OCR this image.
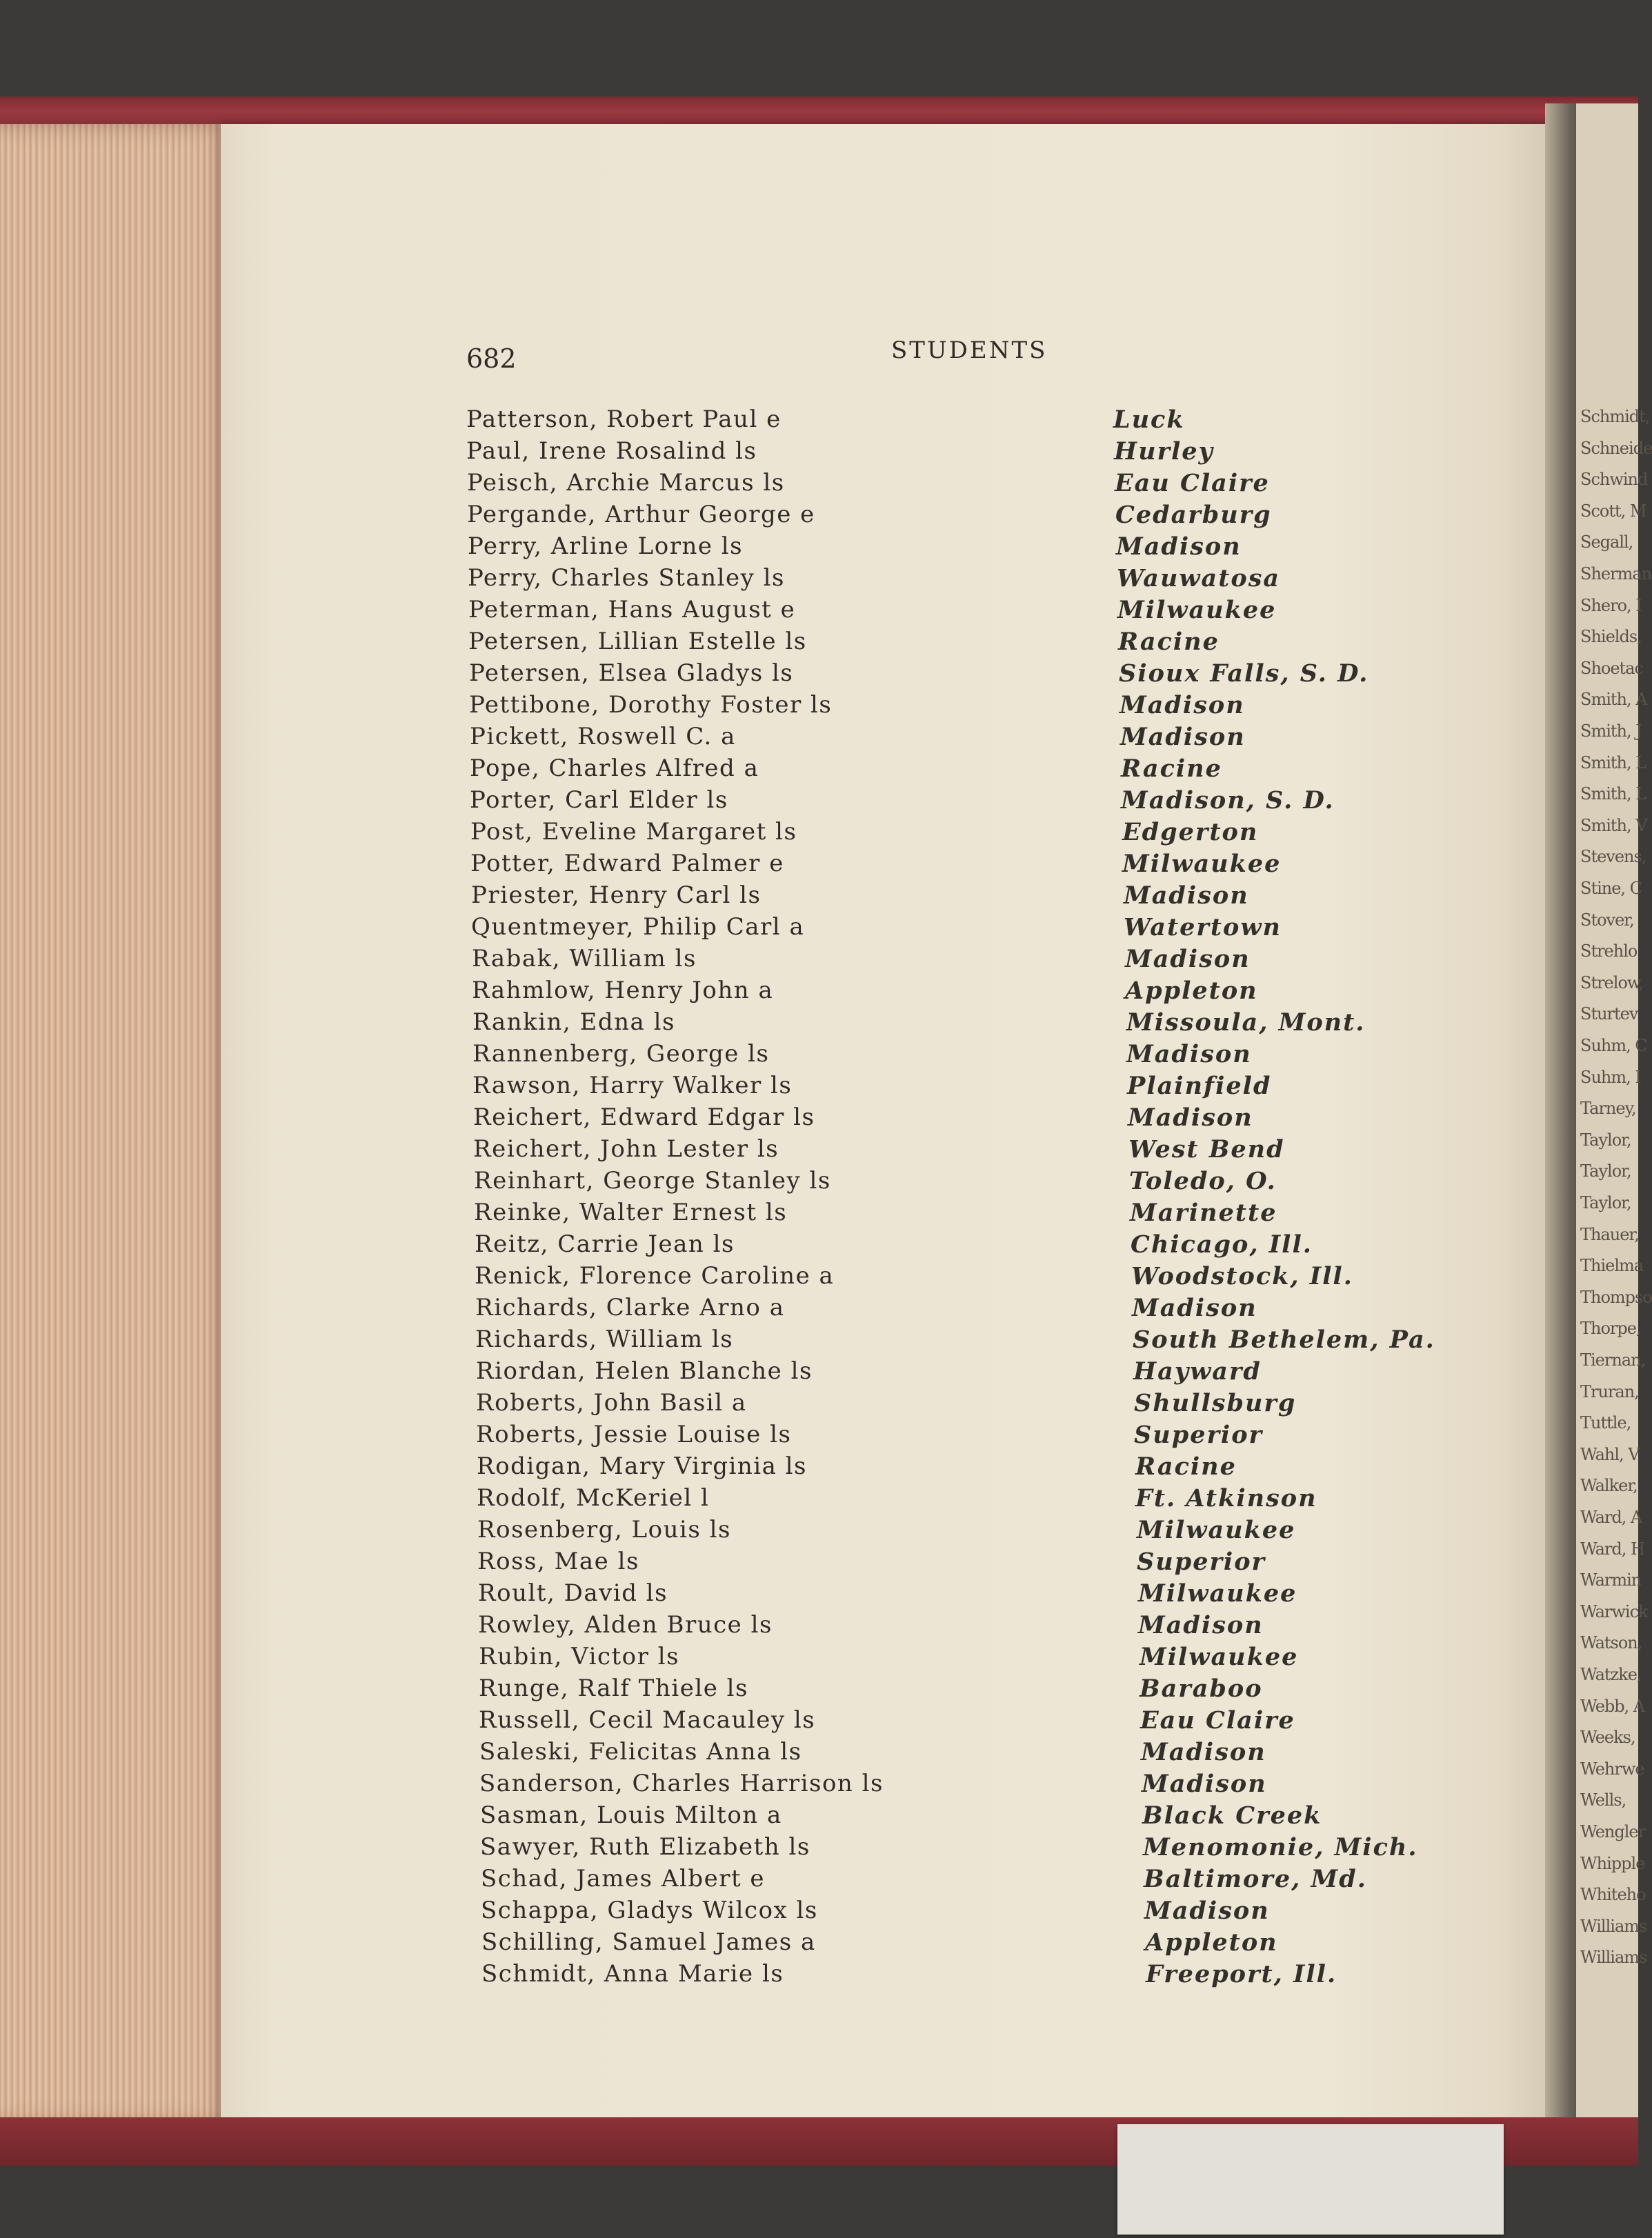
Schmidt,
Schneide
Schwind
Scott, M
Segall,
Sherman
Shero, I
Shields,
Shoetac
Smith, A
Smith, J
Smith, L
Smith, L
Smith, V
Stevens,
Stine, C
Stover,
Strehlo
Strelow,
Sturtev
Suhm, C
Suhm, I
Tarney,
Taylor,
Taylor,
Taylor,
Thauer,
Thielma
Thompso
Thorpe,
Tiernan,
Truran,
Tuttle,
Wahl, V
Walker,
Ward, A
Ward, H
Warmin
Warwick
Watson,
Watzke,
Webb, A
Weeks,
Wehrwe
Wells,
Wengler
Whipple
Whiteho
Williams
Williams
682	STUDENTS
Patterson, Robert Paul e	Luck
Paul, Irene Rosalind ls	Hurley
Peisch, Archie Marcus ls	Eau Claire
Pergande, Arthur George e	Cedarburg
Perry, Arline Lorne ls	Madison
Perry, Charles Stanley ls	Wauwatosa
Peterman, Hans August e	Milwaukee
Petersen, Lillian Estelle ls	Racine
Petersen, Elsea Gladys ls	Sioux Falls, S. D.
Pettibone, Dorothy Foster ls	Madison
Pickett, Roswell C. a	Madison
Pope, Charles Alfred a	Racine
Porter, Carl Elder ls	Madison, S. D.
Post, Eveline Margaret ls	Edgerton
Potter, Edward Palmer e	Milwaukee
Priester, Henry Carl ls	Madison
Quentmeyer, Philip Carl a	Watertown
Rabak, William ls	Madison
Rahmlow, Henry John a	Appleton
Rankin, Edna ls	Missoula, Mont.
Rannenberg, George ls	Madison
Rawson, Harry Walker ls	Plainfield
Reichert, Edward Edgar ls	Madison
Reichert, John Lester ls	West Bend
Reinhart, George Stanley ls	Toledo, O.
Reinke, Walter Ernest ls	Marinette
Reitz, Carrie Jean ls	Chicago, Ill.
Renick, Florence Caroline a	Woodstock, Ill.
Richards, Clarke Arno a	Madison
Richards, William ls	South Bethelem, Pa.
Riordan, Helen Blanche ls	Hayward
Roberts, John Basil a	Shullsburg
Roberts, Jessie Louise ls	Superior
Rodigan, Mary Virginia ls	Racine
Rodolf, McKeriel l	Ft. Atkinson
Rosenberg, Louis ls	Milwaukee
Ross, Mae ls	Superior
Roult, David ls	Milwaukee
Rowley, Alden Bruce ls	Madison
Rubin, Victor ls	Milwaukee
Runge, Ralf Thiele ls	Baraboo
Russell, Cecil Macauley ls	Eau Claire
Saleski, Felicitas Anna ls	Madison
Sanderson, Charles Harrison ls	Madison
Sasman, Louis Milton a	Black Creek
Sawyer, Ruth Elizabeth ls	Menomonie, Mich.
Schad, James Albert e	Baltimore, Md.
Schappa, Gladys Wilcox ls	Madison
Schilling, Samuel James a	Appleton
Schmidt, Anna Marie ls	Freeport, Ill.
